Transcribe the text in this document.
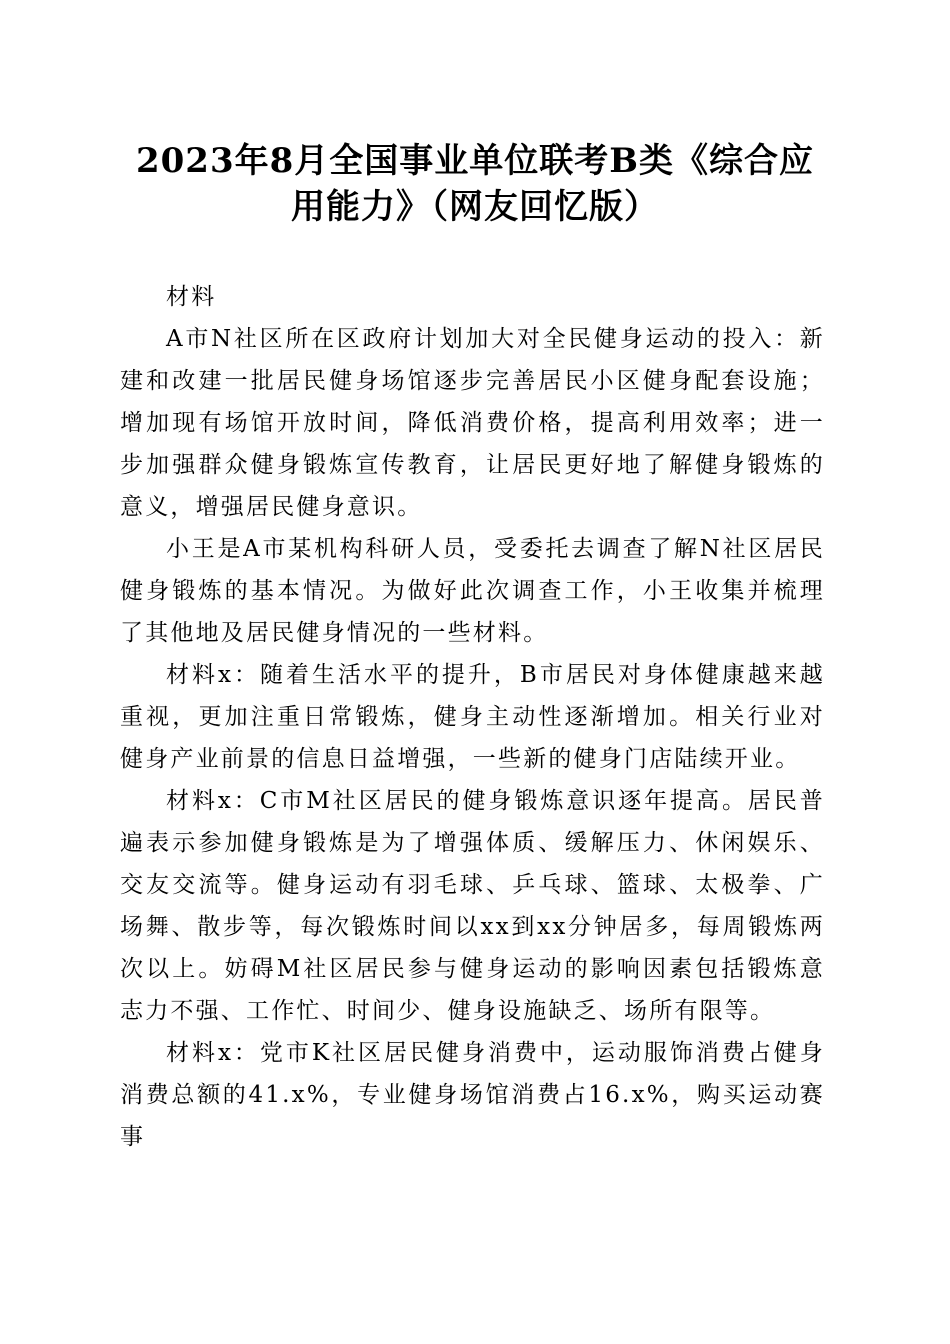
2023年8月全国事业单位联考B类《综合应
用能力》（网友回忆版）

材料

A市N社区所在区政府计划加大对全民健身运动的投入：新建和改建一批居民健身场馆逐步完善居民小区健身配套设施；增加现有场馆开放时间，降低消费价格，提高利用效率；进一步加强群众健身锻炼宣传教育，让居民更好地了解健身锻炼的意义，增强居民健身意识。

小王是A市某机构科研人员，受委托去调查了解N社区居民健身锻炼的基本情况。为做好此次调查工作，小王收集并梳理了其他地及居民健身情况的一些材料。

材料x：随着生活水平的提升，B市居民对身体健康越来越重视，更加注重日常锻炼，健身主动性逐渐增加。相关行业对健身产业前景的信息日益增强，一些新的健身门店陆续开业。

材料x：C市M社区居民的健身锻炼意识逐年提高。居民普遍表示参加健身锻炼是为了增强体质、缓解压力、休闲娱乐、交友交流等。健身运动有羽毛球、乒乓球、篮球、太极拳、广场舞、散步等，每次锻炼时间以xx到xx分钟居多，每周锻炼两次以上。妨碍M社区居民参与健身运动的影响因素包括锻炼意志力不强、工作忙、时间少、健身设施缺乏、场所有限等。

材料x：党市K社区居民健身消费中，运动服饰消费占健身消费总额的41.x%，专业健身场馆消费占16.x%，购买运动赛事
